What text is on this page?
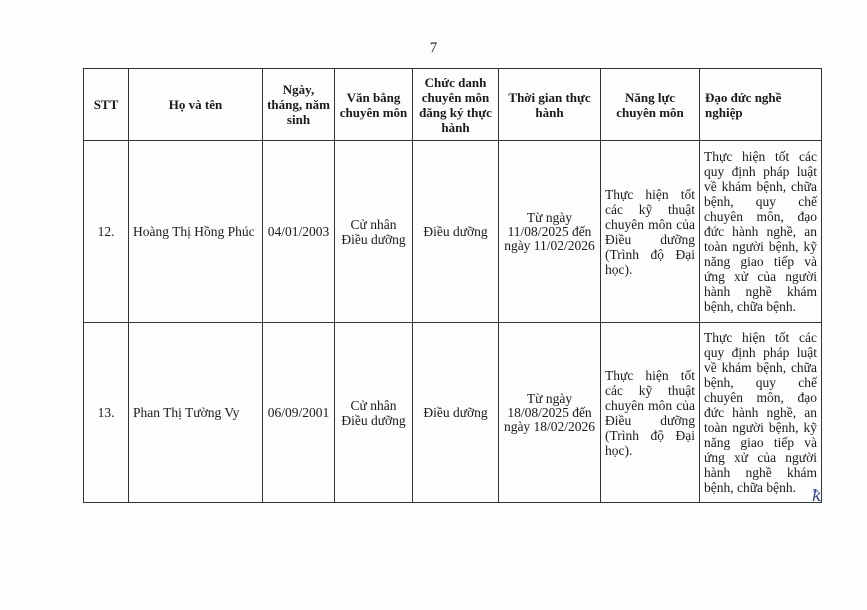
7
STT	Họ và tên	Ngày, tháng, năm sinh	Văn bằng chuyên môn	Chức danh chuyên môn đăng ký thực hành	Thời gian thực hành	Năng lực chuyên môn	Đạo đức nghề nghiệp
12.	Hoàng Thị Hồng Phúc	04/01/2003	Cử nhân Điều dưỡng	Điều dưỡng	Từ ngày
11/08/2025 đến
ngày 11/02/2026	Thực hiện tốt các kỹ thuật chuyên môn của Điều dưỡng (Trình độ Đại học).	Thực hiện tốt các quy định pháp luật về khám bệnh, chữa bệnh, quy chế chuyên môn, đạo đức hành nghề, an toàn người bệnh, kỹ năng giao tiếp và ứng xử của người hành nghề khám bệnh, chữa bệnh.
13.	Phan Thị Tường Vy	06/09/2001	Cử nhân Điều dưỡng	Điều dưỡng	Từ ngày
18/08/2025 đến
ngày 18/02/2026	Thực hiện tốt các kỹ thuật chuyên môn của Điều dưỡng (Trình độ Đại học).	Thực hiện tốt các quy định pháp luật về khám bệnh, chữa bệnh, quy chế chuyên môn, đạo đức hành nghề, an toàn người bệnh, kỹ năng giao tiếp và ứng xử của người hành nghề khám bệnh, chữa bệnh. ꝁ
